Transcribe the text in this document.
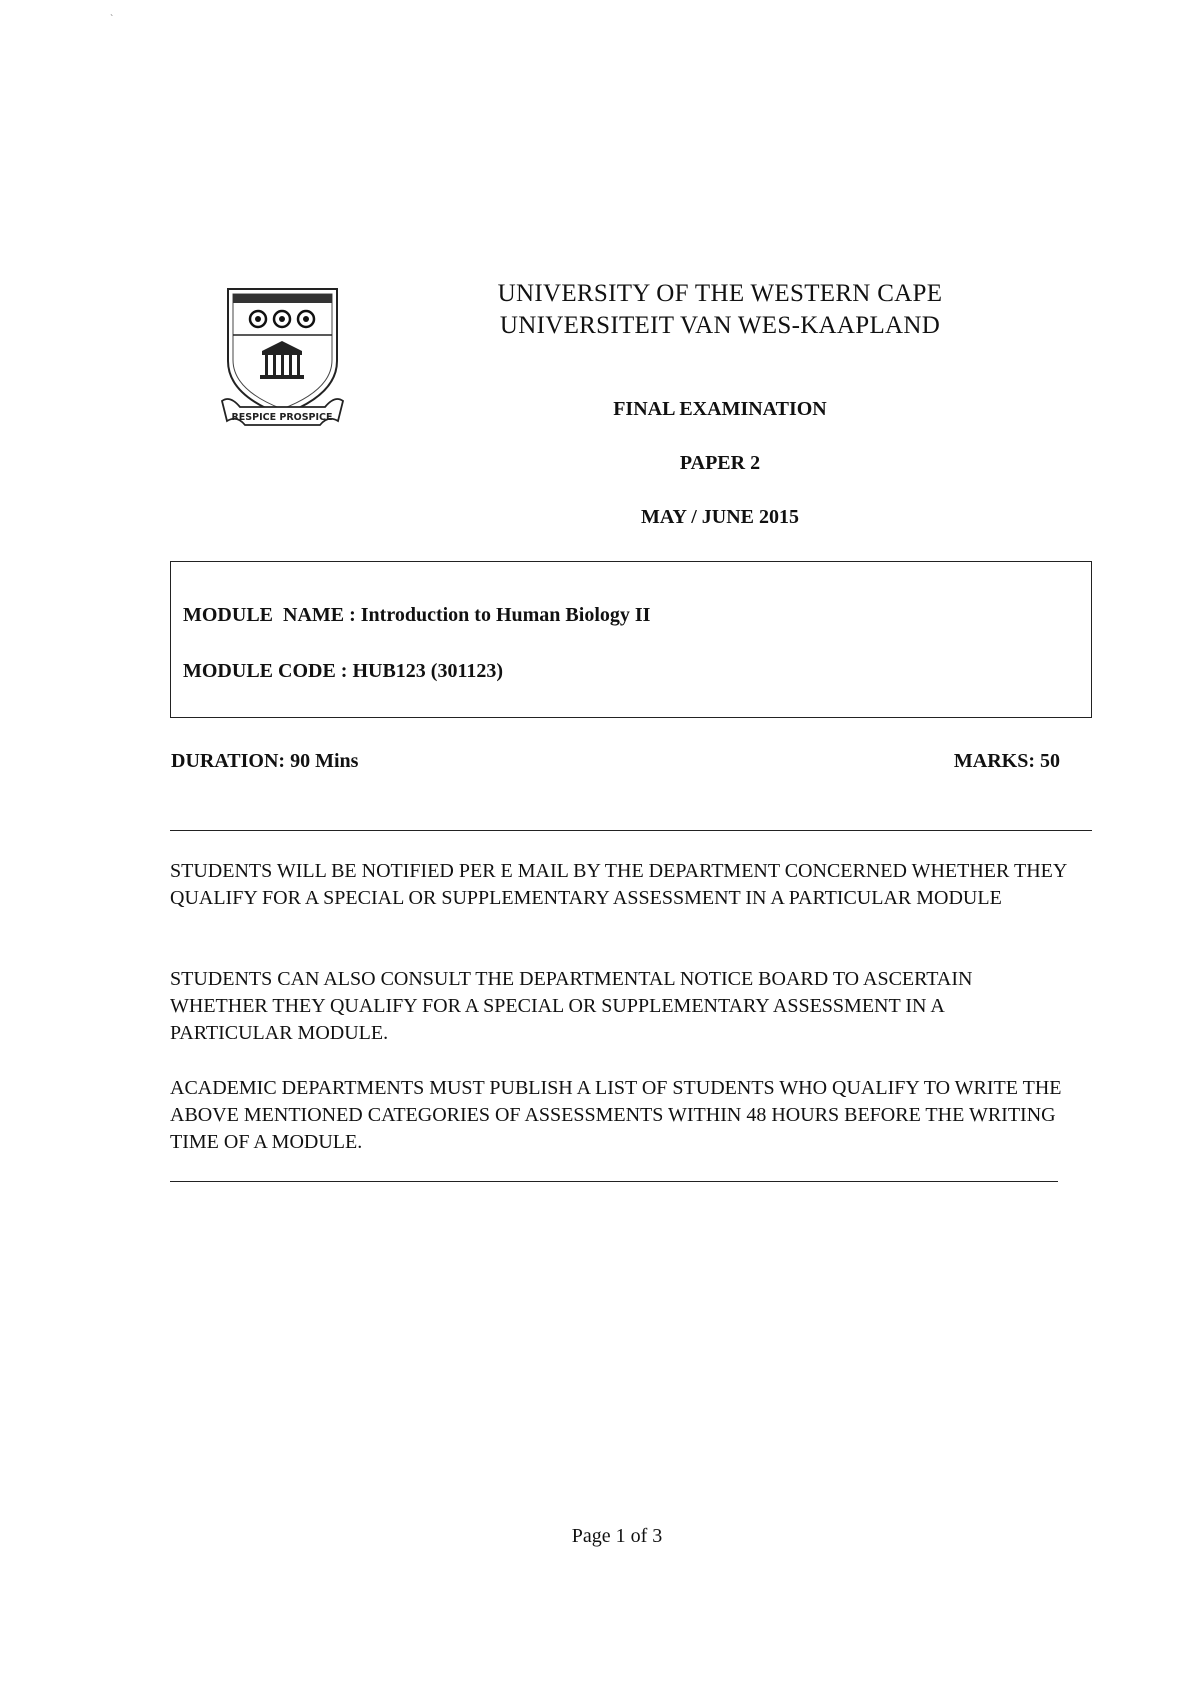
`
RESPICE PROSPICE
UNIVERSITY OF THE WESTERN CAPE
UNIVERSITEIT VAN WES-KAAPLAND
FINAL EXAMINATION
PAPER 2
MAY / JUNE 2015
MODULE  NAME : Introduction to Human Biology II
MODULE CODE : HUB123 (301123)
DURATION: 90 Mins	MARKS: 50
STUDENTS WILL BE NOTIFIED PER E MAIL BY THE DEPARTMENT CONCERNED WHETHER THEY QUALIFY FOR A SPECIAL OR SUPPLEMENTARY ASSESSMENT IN A PARTICULAR MODULE
STUDENTS CAN ALSO CONSULT THE DEPARTMENTAL NOTICE BOARD TO ASCERTAIN WHETHER THEY QUALIFY FOR A SPECIAL OR SUPPLEMENTARY ASSESSMENT IN A PARTICULAR MODULE.
ACADEMIC DEPARTMENTS MUST PUBLISH A LIST OF STUDENTS WHO QUALIFY TO WRITE THE ABOVE MENTIONED CATEGORIES OF ASSESSMENTS WITHIN 48 HOURS BEFORE THE WRITING TIME OF A MODULE.
Page 1 of 3
